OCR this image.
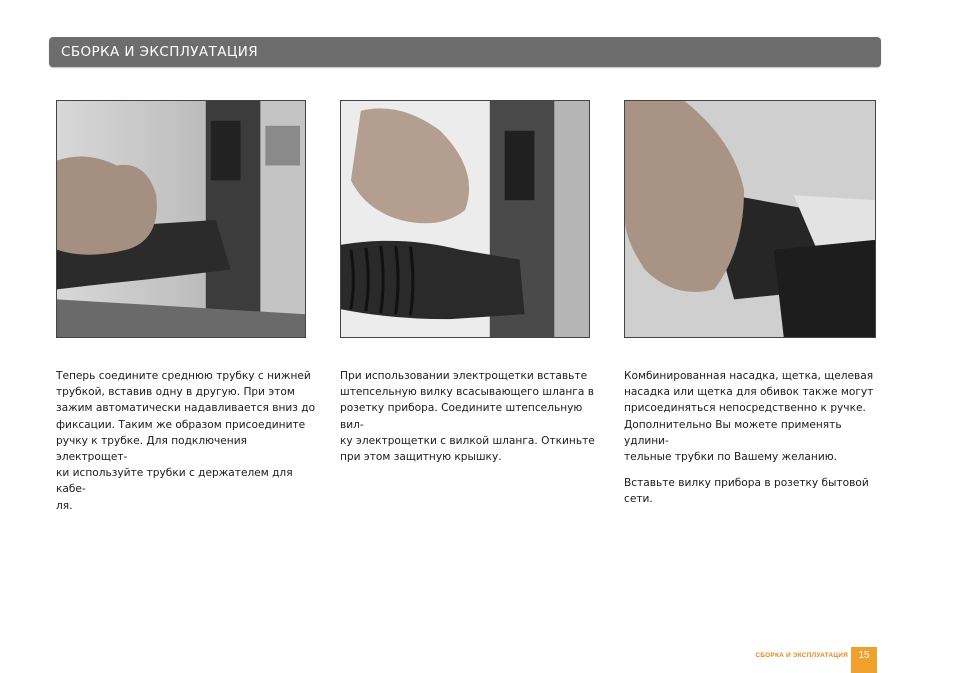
СБОРКА И ЭКСПЛУАТАЦИЯ

Теперь соедините среднюю трубку с нижней
трубкой, вставив одну в другую. При этом
зажим автоматически надавливается вниз до
фиксации. Таким же образом присоедините
ручку к трубке. Для подключения электрощет-
ки используйте трубки с держателем для кабе-
ля.

При использовании электрощетки вставьте
штепсельную вилку всасывающего шланга в
розетку прибора. Соедините штепсельную вил-
ку электрощетки с вилкой шланга. Откиньте
при этом защитную крышку.

Комбинированная насадка, щетка, щелевая
насадка или щетка для обивок также могут
присоединяться непосредственно к ручке.
Дополнительно Вы можете применять удлини-
тельные трубки по Вашему желанию.

Вставьте вилку прибора в розетку бытовой
сети.

СБОРКА И ЭКСПЛУАТАЦИЯ	15
